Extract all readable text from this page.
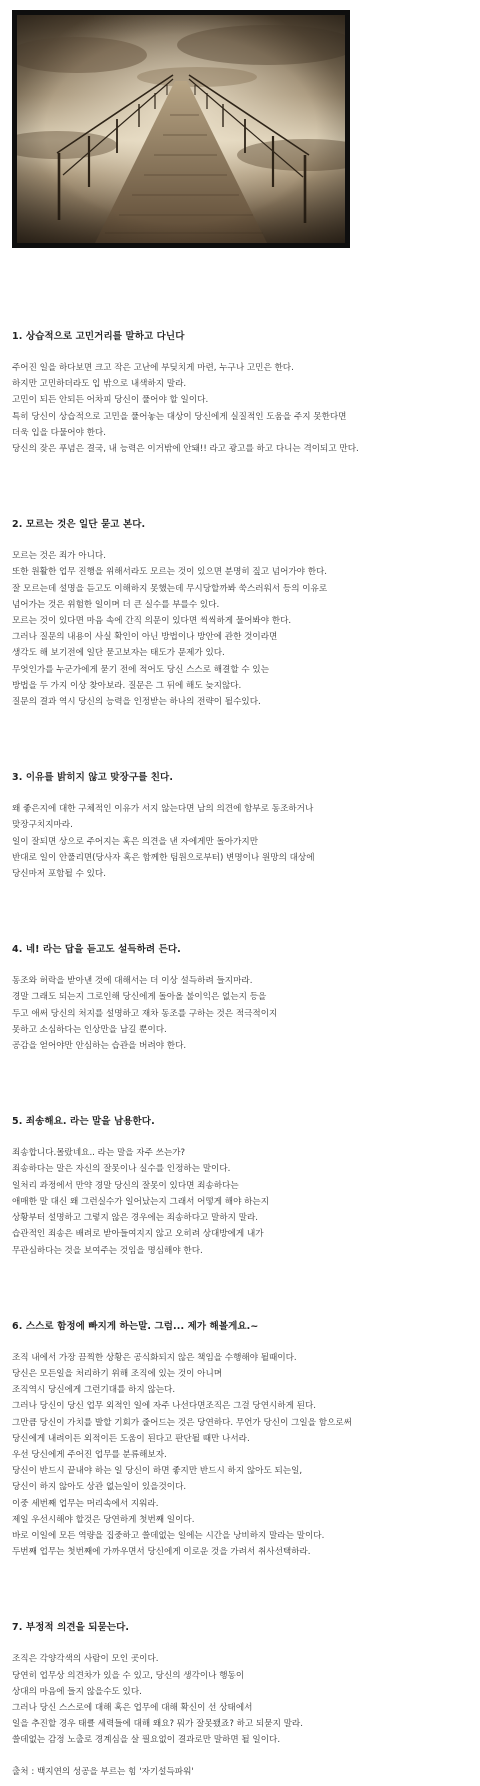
1. 상습적으로 고민거리를 말하고 다닌다
주어진 일을 하다보면 크고 작은 고난에 부딪치게 마련, 누구나 고민은 한다.
하지만 고민하더라도 입 밖으로 내색하지 말라.
고민이 되든 안되든 어차피 당신이 풀어야 할 일이다.
특히 당신이 상습적으로 고민을 풀어놓는 대상이 당신에게 실질적인 도움을 주지 못한다면
더욱 입을 다물어야 한다.
당신의 잦은 푸념은 결국, 내 능력은 이거밖에 안돼!! 라고 광고를 하고 다니는 격이되고 만다.
2. 모르는 것은 일단 묻고 본다.
모르는 것은 죄가 아니다.
또한 원활한 업무 진행을 위해서라도 모르는 것이 있으면 분명히 짚고 넘어가야 한다.
잘 모르는데 설명을 듣고도 이해하지 못했는데 무시당할까봐 쑥스러워서 등의 이유로
넘어가는 것은 위험한 일이며 더 큰 실수를 부를수 있다.
모르는 것이 있다면 마음 속에 간직 의문이 있다면 씩씩하게 물어봐야 한다.
그러나 질문의 내용이 사실 확인이 아닌 방법이나 방안에 관한 것이라면
생각도 해 보기전에 일단 묻고보자는 태도가 문제가 있다.
무엇인가를 누군가에게 묻기 전에 적어도 당신 스스로 해결할 수 있는
방법을 두 가지 이상 찾아보라. 질문은 그 뒤에 해도 늦지않다.
질문의 결과 역시 당신의 능력을 인정받는 하나의 전략이 될수있다.
3. 이유를 밝히지 않고 맞장구를 친다.
왜 좋은지에 대한 구체적인 이유가 서지 않는다면 남의 의견에 함부로 동조하거나
맞장구치지마라.
일이 잘되면 상으로 주어지는 혹은 의견을 낸 자에게만 돌아가지만
반대로 일이 안풀리면(당사자 혹은 함께한 팀원으로부터) 변명이나 원망의 대상에
당신마저 포함될 수 있다.
4. 네! 라는 답을 듣고도 설득하려 든다.
동조와 허락을 받아낸 것에 대해서는 더 이상 설득하려 들지마라.
경말 그래도 되는지 그로인해 당신에게 돌아올 불이익은 없는지 등을
두고 애써 당신의 처지를 설명하고 재차 동조를 구하는 것은 적극적이지
못하고 소심하다는 인상만을 남길 뿐이다.
공감을 얻어야만 안심하는 습관을 버려야 한다.
5. 죄송해요. 라는 말을 남용한다.
죄송합니다.몰랐네요.. 라는 말을 자주 쓰는가?
죄송하다는 말은 자신의 잘못이나 실수를 인정하는 말이다.
일처리 과정에서 만약 경말 당신의 잘못이 있다면 죄송하다는
애매한 말 대신 왜 그런실수가 일어났는지 그래서 어떻게 해야 하는지
상황부터 설명하고 그렇지 않은 경우에는 죄송하다고 말하지 말라.
습관적인 죄송은 배려로 받아들여지지 않고 오히려 상대방에게 내가
무관심하다는 것을 보여주는 것임을 명심해야 한다.
6. 스스로 함정에 빠지게 하는말. 그럼... 제가 해볼게요.~
조직 내에서 가장 끔찍한 상황은 공식화되지 않은 책임을 수행해야 될때이다.
당신은 모든일을 처리하기 위해 조직에 있는 것이 아니며
조직역시 당신에게 그런기대를 하지 않는다.
그러나 당신이 당신 업무 외적인 일에 자주 나선다면조직은 그걸 당연시하게 된다.
그만큼 당신이 가치를 발할 기회가 줄어드는 것은 당연하다. 무언가 당신이 그일을 함으로써
당신에게 내려이든 외적이든 도움이 된다고 판단될 때만 나서라.
우선 당신에게 주어진 업무를 분류해보자.
당신이 반드시 끝내야 하는 일 당신이 하면 좋지만 반드시 하지 않아도 되는일,
당신이 하지 않아도 상관 없는일이 있을것이다.
이중 세번째 업무는 머리속에서 지워라.
제일 우선시해야 할것은 당연하게 첫번째 일이다.
바로 이일에 모든 역량을 집중하고 쓸데없는 일에는 시간을 낭비하지 말라는 말이다.
두번째 업무는 첫번째에 가까우면서 당신에게 이로운 것을 가려서 취사선택하라.
7. 부정적 의견을 되묻는다.
조직은 각양각색의 사람이 모인 곳이다.
당연히 업무상 의견차가 있을 수 있고, 당신의 생각이나 행동이
상대의 마음에 들지 않을수도 있다.
그러나 당신 스스로에 대해 혹은 업무에 대해 확신이 선 상태에서
일을 추진할 경우 태클 세력들에 대해 왜요? 뭐가 잘못됐죠? 하고 되묻지 말라.
쓸데없는 감정 노출로 경계심을 살 필요없이 결과로만 말하면 될 일이다.
출처 : 백지연의 성공을 부르는 힘 '자기설득파워'
